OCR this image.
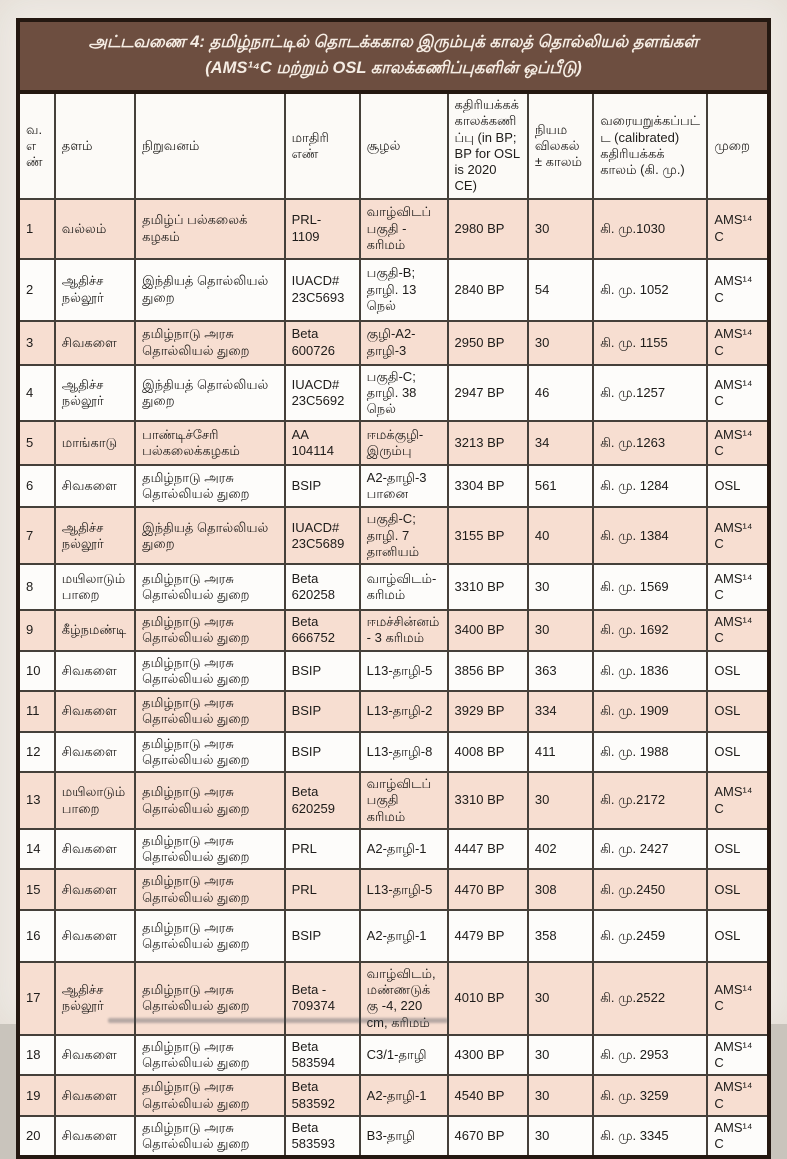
அட்டவணை 4: தமிழ்நாட்டில் தொடக்ககால இரும்புக் காலத் தொல்லியல் தளங்கள் (AMS¹⁴C மற்றும் OSL காலக்கணிப்புகளின் ஒப்பீடு)
வ. எண்	தளம்	நிறுவனம்	மாதிரி எண்	சூழல்	கதிரியக்கக் காலக்கணிப்பு (in BP; BP for OSL is 2020 CE)	நியம விலகல் ± காலம்	வரையறுக்கப்பட்ட (calibrated) கதிரியக்கக் காலம் (கி. மு.)	முறை
1	வல்லம்	தமிழ்ப் பல்கலைக் கழகம்	PRL- 1109	வாழ்விடப் பகுதி - கரிமம்	2980 BP	30	கி. மு.1030	AMS¹⁴C
2	ஆதிச்ச நல்லூர்	இந்தியத் தொல்லியல் துறை	IUACD# 23C5693	பகுதி-B; தாழி. 13 நெல்	2840 BP	54	கி. மு. 1052	AMS¹⁴C
3	சிவகளை	தமிழ்நாடு அரசு தொல்லியல் துறை	Beta 600726	குழி-A2- தாழி-3	2950 BP	30	கி. மு. 1155	AMS¹⁴C
4	ஆதிச்ச நல்லூர்	இந்தியத் தொல்லியல் துறை	IUACD# 23C5692	பகுதி-C; தாழி. 38 நெல்	2947 BP	46	கி. மு.1257	AMS¹⁴C
5	மாங்காடு	பாண்டிச்சேரி பல்கலைக்கழகம்	AA 104114	ஈமக்குழி- இரும்பு	3213 BP	34	கி. மு.1263	AMS¹⁴C
6	சிவகளை	தமிழ்நாடு அரசு தொல்லியல் துறை	BSIP	A2-தாழி-3 பானை	3304 BP	561	கி. மு. 1284	OSL
7	ஆதிச்ச நல்லூர்	இந்தியத் தொல்லியல் துறை	IUACD# 23C5689	பகுதி-C; தாழி. 7 தானியம்	3155 BP	40	கி. மு. 1384	AMS¹⁴C
8	மயிலாடும் பாறை	தமிழ்நாடு அரசு தொல்லியல் துறை	Beta 620258	வாழ்விடம்- கரிமம்	3310 BP	30	கி. மு. 1569	AMS¹⁴C
9	கீழ்நமண்டி	தமிழ்நாடு அரசு தொல்லியல் துறை	Beta 666752	ஈமச்சின்னம்- 3 கரிமம்	3400 BP	30	கி. மு. 1692	AMS¹⁴C
10	சிவகளை	தமிழ்நாடு அரசு தொல்லியல் துறை	BSIP	L13-தாழி-5	3856 BP	363	கி. மு. 1836	OSL
11	சிவகளை	தமிழ்நாடு அரசு தொல்லியல் துறை	BSIP	L13-தாழி-2	3929 BP	334	கி. மு. 1909	OSL
12	சிவகளை	தமிழ்நாடு அரசு தொல்லியல் துறை	BSIP	L13-தாழி-8	4008 BP	411	கி. மு. 1988	OSL
13	மயிலாடும் பாறை	தமிழ்நாடு அரசு தொல்லியல் துறை	Beta 620259	வாழ்விடப்பகுதி கரிமம்	3310 BP	30	கி. மு.2172	AMS¹⁴C
14	சிவகளை	தமிழ்நாடு அரசு தொல்லியல் துறை	PRL	A2-தாழி-1	4447 BP	402	கி. மு. 2427	OSL
15	சிவகளை	தமிழ்நாடு அரசு தொல்லியல் துறை	PRL	L13-தாழி-5	4470 BP	308	கி. மு.2450	OSL
16	சிவகளை	தமிழ்நாடு அரசு தொல்லியல் துறை	BSIP	A2-தாழி-1	4479 BP	358	கி. மு.2459	OSL
17	ஆதிச்ச நல்லூர்	தமிழ்நாடு அரசு தொல்லியல் துறை	Beta - 709374	வாழ்விடம், மண்ணடுக்கு -4, 220 cm, கரிமம்	4010 BP	30	கி. மு.2522	AMS¹⁴C
18	சிவகளை	தமிழ்நாடு அரசு தொல்லியல் துறை	Beta 583594	C3/1-தாழி	4300 BP	30	கி. மு. 2953	AMS¹⁴C
19	சிவகளை	தமிழ்நாடு அரசு தொல்லியல் துறை	Beta 583592	A2-தாழி-1	4540 BP	30	கி. மு. 3259	AMS¹⁴C
20	சிவகளை	தமிழ்நாடு அரசு தொல்லியல் துறை	Beta 583593	B3-தாழி	4670 BP	30	கி. மு. 3345	AMS¹⁴C
